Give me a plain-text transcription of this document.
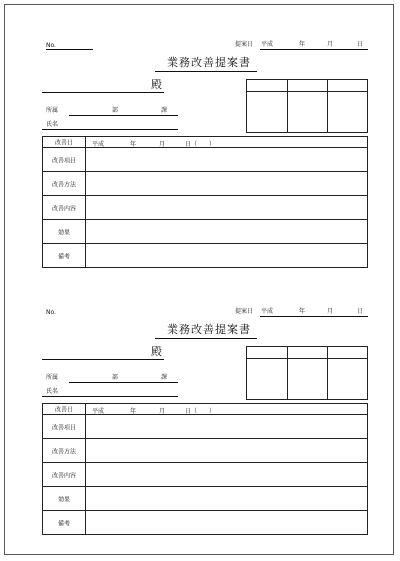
No.	提案日 平成	年	月	日
業務改善提案書
殿
所属	部	課
氏名
改善日	平成	年	月	日（　　）
改善項目
改善方法
改善内容
効果
備考
No.	提案日 平成	年	月	日
業務改善提案書
殿
所属	部	課
氏名
改善日	平成	年	月	日（　　）
改善項目
改善方法
改善内容
効果
備考
